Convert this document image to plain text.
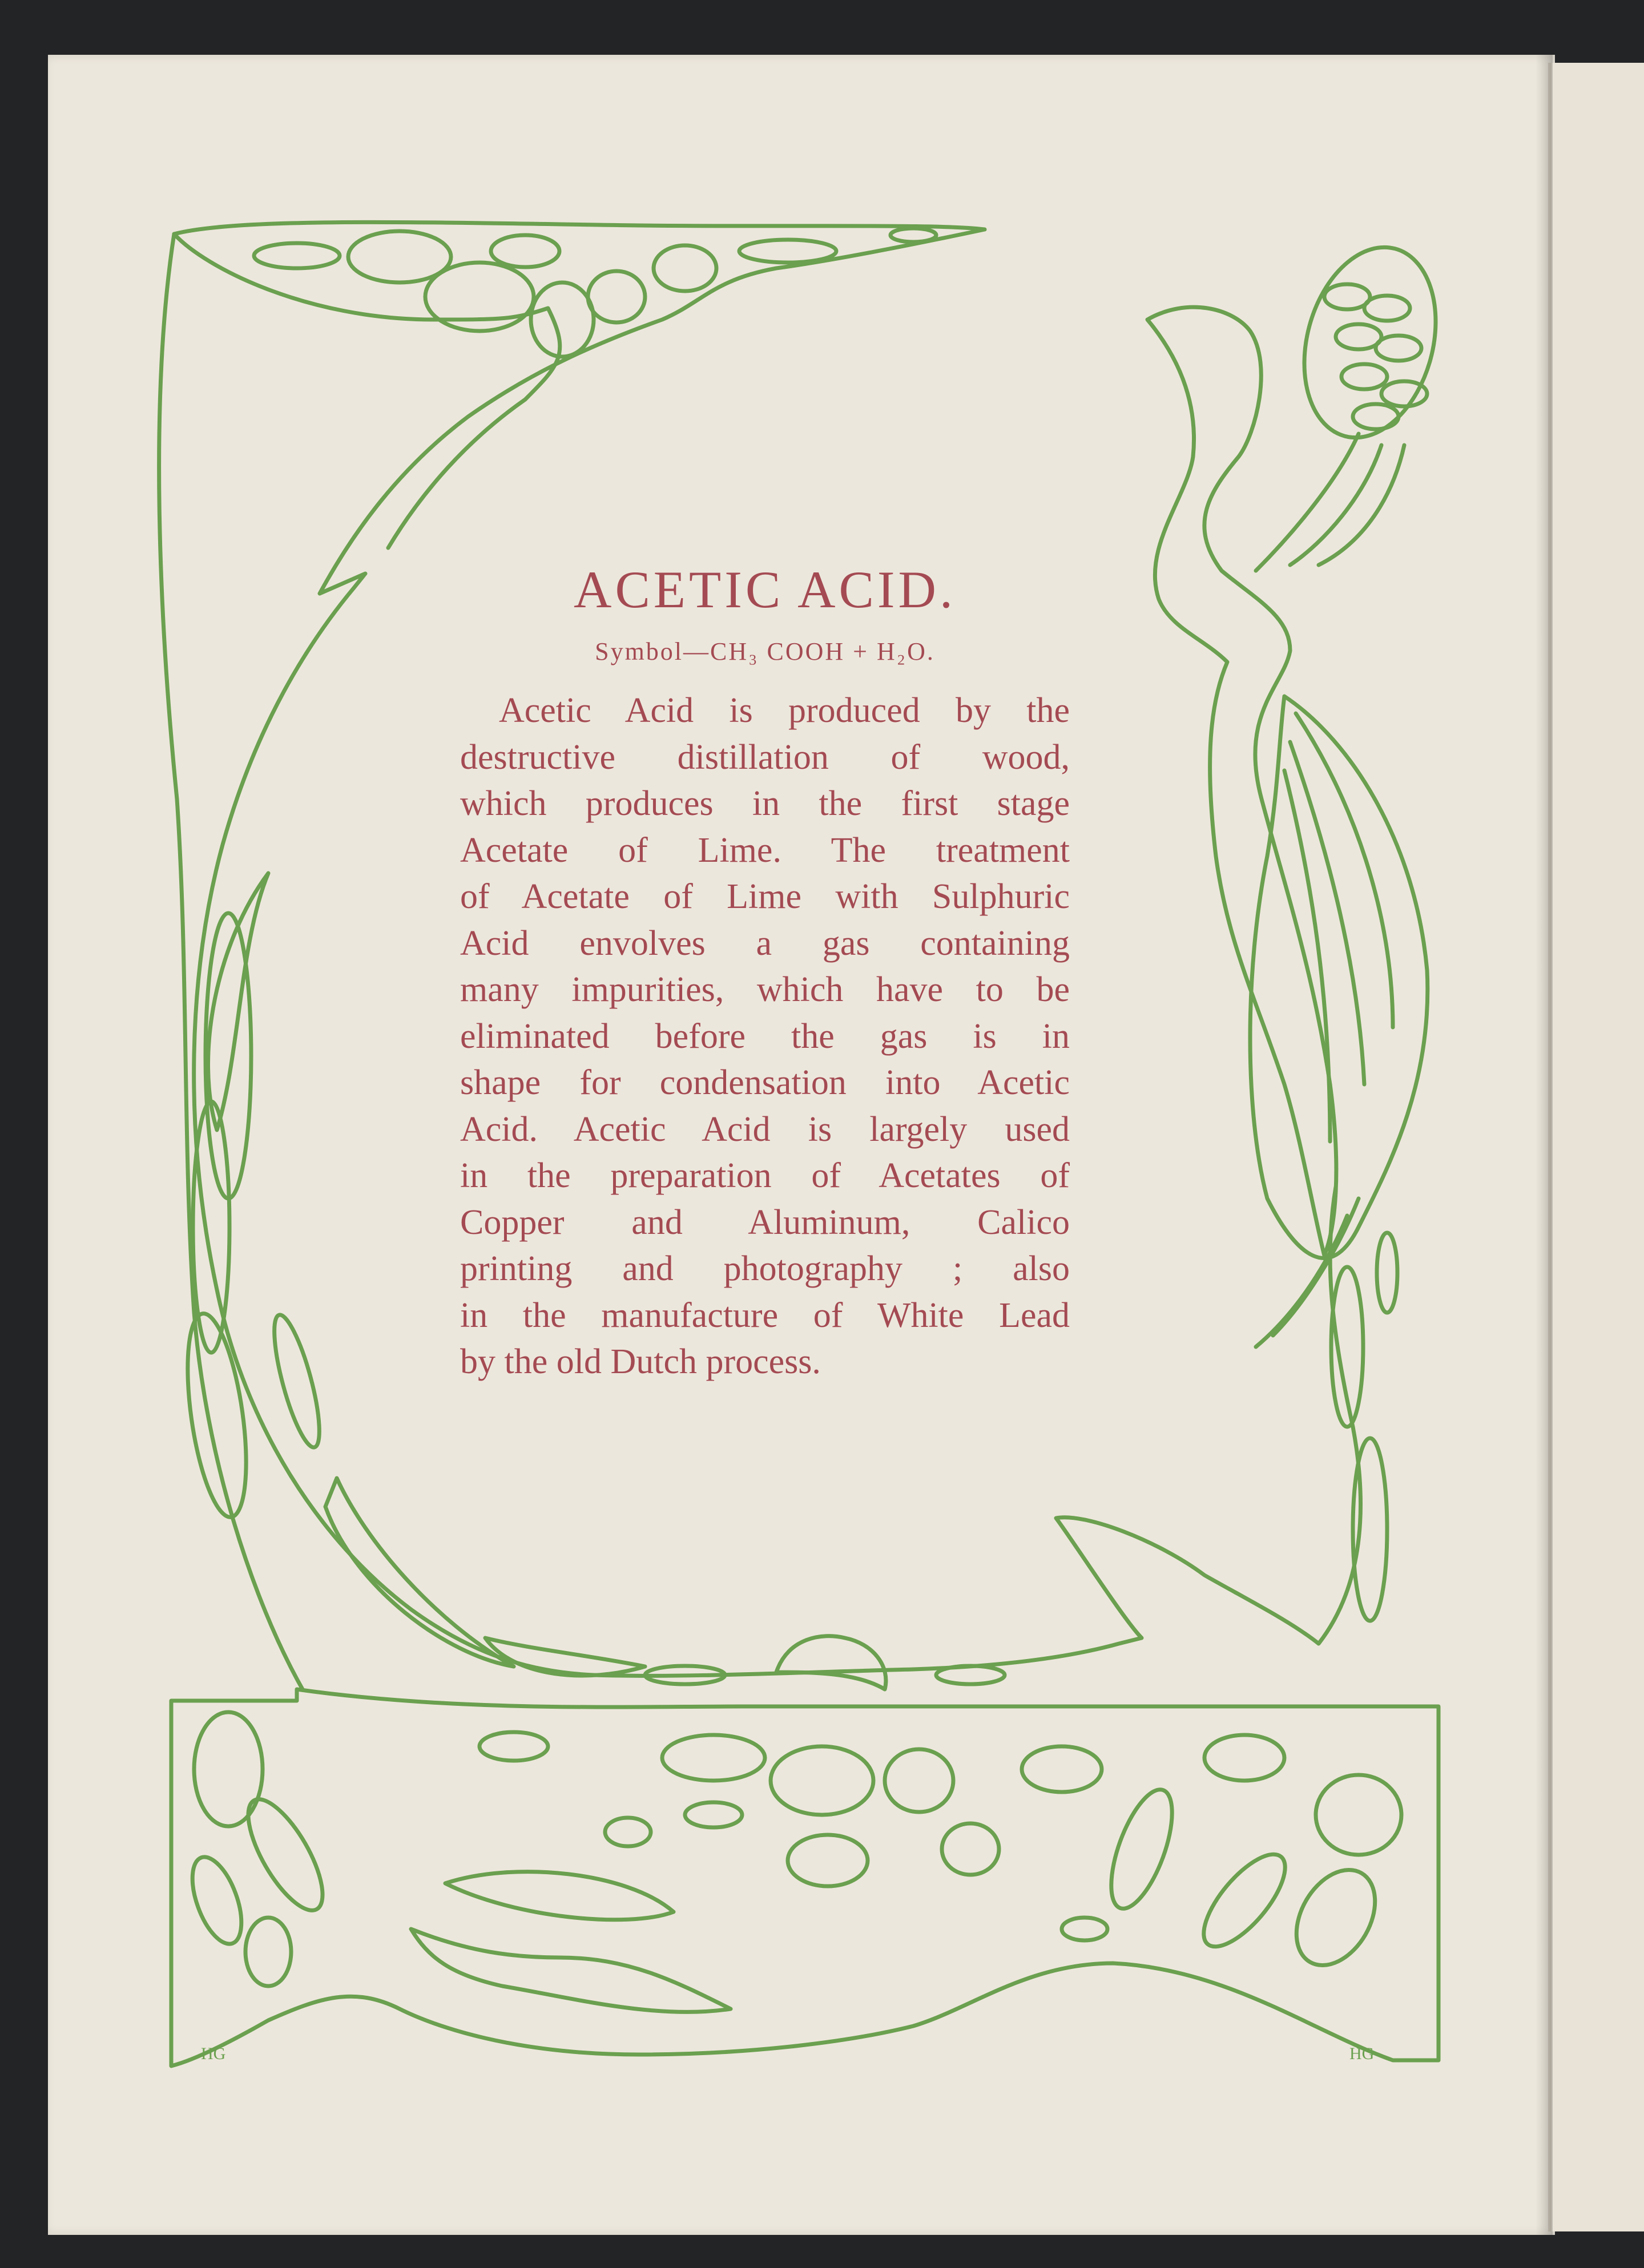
HG	HG
ACETIC ACID.
Symbol—CH₃ COOH + H₂O.
Acetic Acid is produced by the
destructive distillation of wood,
which produces in the first stage
Acetate of Lime. The treatment
of Acetate of Lime with Sulphuric
Acid envolves a gas containing
many impurities, which have to be
eliminated before the gas is in
shape for condensation into Acetic
Acid. Acetic Acid is largely used
in the preparation of Acetates of
Copper and Aluminum, Calico
printing and photography ; also
in the manufacture of White Lead
by the old Dutch process.
